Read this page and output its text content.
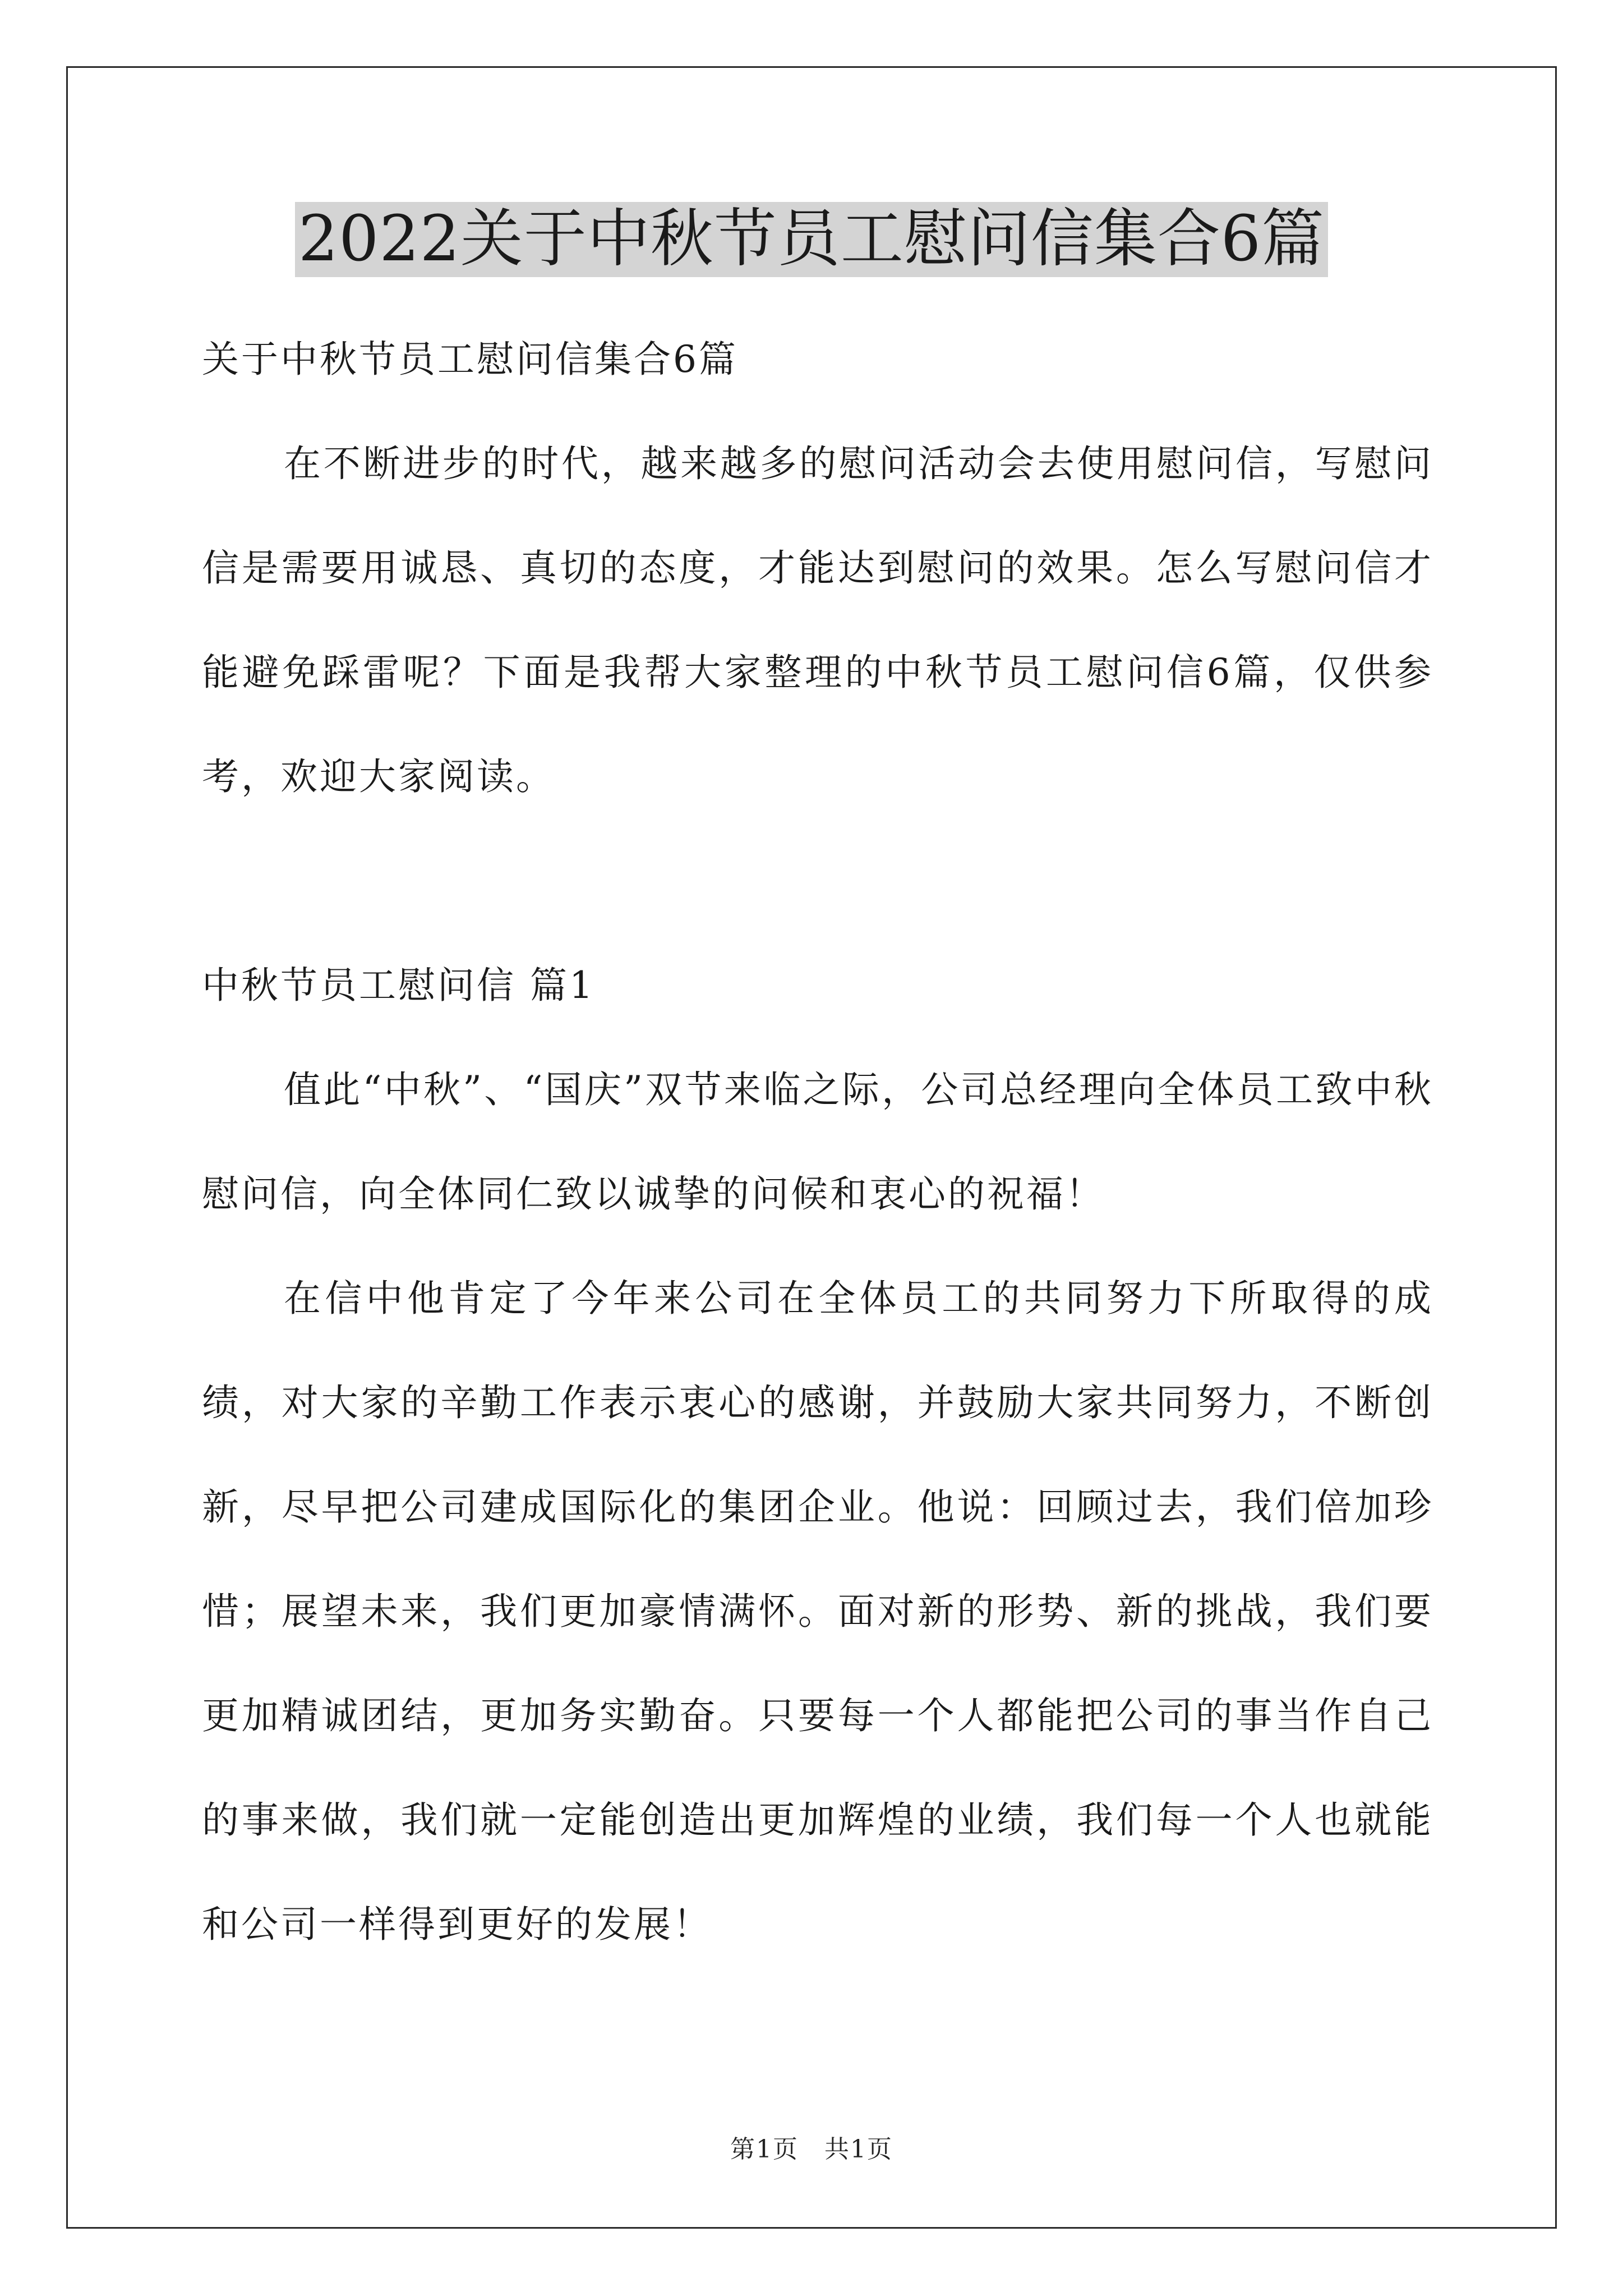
2022关于中秋节员工慰问信集合6篇

关于中秋节员工慰问信集合6篇

在不断进步的时代，越来越多的慰问活动会去使用慰问信，写慰问信是需要用诚恳、真切的态度，才能达到慰问的效果。怎么写慰问信才能避免踩雷呢？下面是我帮大家整理的中秋节员工慰问信6篇，仅供参考，欢迎大家阅读。

中秋节员工慰问信 篇1

值此“中秋”、“国庆”双节来临之际，公司总经理向全体员工致中秋慰问信，向全体同仁致以诚挚的问候和衷心的祝福！

在信中他肯定了今年来公司在全体员工的共同努力下所取得的成绩，对大家的辛勤工作表示衷心的感谢，并鼓励大家共同努力，不断创新，尽早把公司建成国际化的集团企业。他说：回顾过去，我们倍加珍惜；展望未来，我们更加豪情满怀。面对新的形势、新的挑战，我们要更加精诚团结，更加务实勤奋。只要每一个人都能把公司的事当作自己的事来做，我们就一定能创造出更加辉煌的业绩，我们每一个人也就能和公司一样得到更好的发展！

第1页　共1页
